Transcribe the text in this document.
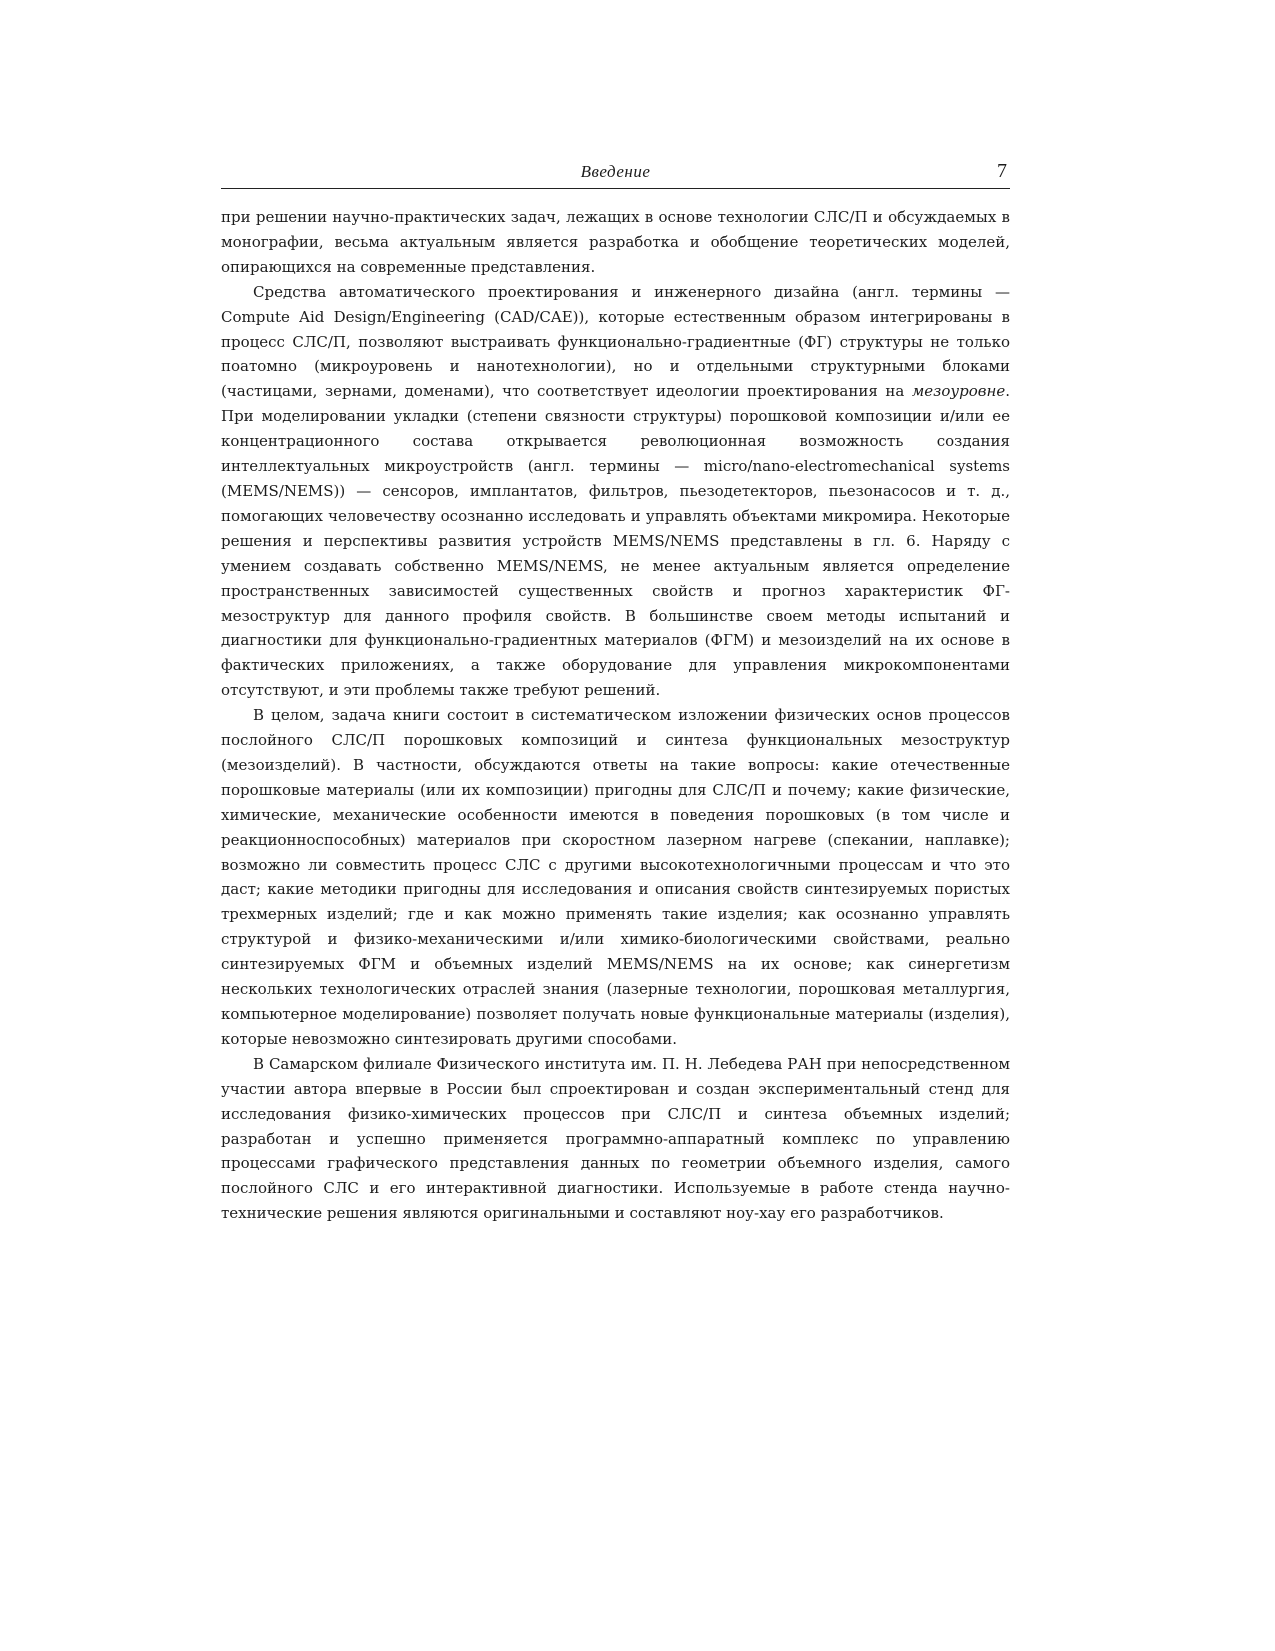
Введение	7

при решении научно-практических задач, лежащих в основе технологии СЛС/П и обсуждаемых в монографии, весьма актуальным является разработка и обобщение теоретических моделей, опирающихся на современные представления.

Средства автоматического проектирования и инженерного дизайна (англ. термины — Compute Aid Design/Engineering (CAD/CAE)), которые естественным образом интегрированы в процесс СЛС/П, позволяют выстраивать функционально-градиентные (ФГ) структуры не только поатомно (микроуровень и нанотехнологии), но и отдельными структурными блоками (частицами, зернами, доменами), что соответствует идеологии проектирования на мезоуровне. При моделировании укладки (степени связности структуры) порошковой композиции и/или ее концентрационного состава открывается революционная возможность создания интеллектуальных микроустройств (англ. термины — micro/nano-electromechanical systems (MEMS/NEMS)) — сенсоров, имплантатов, фильтров, пьезодетекторов, пьезонасосов и т. д., помогающих человечеству осознанно исследовать и управлять объектами микромира. Некоторые решения и перспективы развития устройств MEMS/NEMS представлены в гл. 6. Наряду с умением создавать собственно MEMS/NEMS, не менее актуальным является определение пространственных зависимостей существенных свойств и прогноз характеристик ФГ-мезоструктур для данного профиля свойств. В большинстве своем методы испытаний и диагностики для функционально-градиентных материалов (ФГМ) и мезоизделий на их основе в фактических приложениях, а также оборудование для управления микрокомпонентами отсутствуют, и эти проблемы также требуют решений.

В целом, задача книги состоит в систематическом изложении физических основ процессов послойного СЛС/П порошковых композиций и синтеза функциональных мезоструктур (мезоизделий). В частности, обсуждаются ответы на такие вопросы: какие отечественные порошковые материалы (или их композиции) пригодны для СЛС/П и почему; какие физические, химические, механические особенности имеются в поведения порошковых (в том числе и реакционноспособных) материалов при скоростном лазерном нагреве (спекании, наплавке); возможно ли совместить процесс СЛС с другими высокотехнологичными процессам и что это даст; какие методики пригодны для исследования и описания свойств синтезируемых пористых трехмерных изделий; где и как можно применять такие изделия; как осознанно управлять структурой и физико-механическими и/или химико-биологическими свойствами, реально синтезируемых ФГМ и объемных изделий MEMS/NEMS на их основе; как синергетизм нескольких технологических отраслей знания (лазерные технологии, порошковая металлургия, компьютерное моделирование) позволяет получать новые функциональные материалы (изделия), которые невозможно синтезировать другими способами.

В Самарском филиале Физического института им. П. Н. Лебедева РАН при непосредственном участии автора впервые в России был спроектирован и создан экспериментальный стенд для исследования физико-химических процессов при СЛС/П и синтеза объемных изделий; разработан и успешно применяется программно-аппаратный комплекс по управлению процессами графического представления данных по геометрии объемного изделия, самого послойного СЛС и его интерактивной диагностики. Используемые в работе стенда научно-технические решения являются оригинальными и составляют ноу-хау его разработчиков.
